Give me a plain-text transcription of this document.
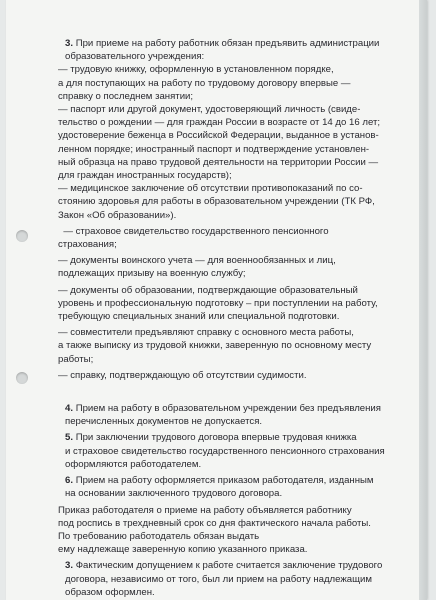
3. При приеме на работу работник обязан предъявить администрации
образовательного учреждения:
— трудовую книжку, оформленную в установленном порядке,
а для поступающих на работу по трудовому договору впервые —
справку о последнем занятии;
— паспорт или другой документ, удостоверяющий личность (свиде-
тельство о рождении — для граждан России в возрасте от 14 до 16 лет;
удостоверение беженца в Российской Федерации, выданное в установ-
ленном порядке; иностранный паспорт и подтверждение установлен-
ный образца на право трудовой деятельности на территории России —
для граждан иностранных государств);
— медицинское заключение об отсутствии противопоказаний по со-
стоянию здоровья для работы в образовательном учреждении (ТК РФ,
Закон «Об образовании»).
— страховое свидетельство государственного пенсионного
страхования;
— документы воинского учета — для военнообязанных и лиц,
подлежащих призыву на военную службу;
— документы об образовании, подтверждающие образовательный
уровень и профессиональную подготовку – при поступлении на работу,
требующую специальных знаний или специальной подготовки.
— совместители предъявляют справку с основного места работы,
а также выписку из трудовой книжки, заверенную по основному месту
работы;
— справку, подтверждающую об отсутствии судимости.
4. Прием на работу в образовательном учреждении без предъявления
перечисленных документов не допускается.
5. При заключении трудового договора впервые трудовая книжка
и страховое свидетельство государственного пенсионного страхования
оформляются работодателем.
6. Прием на работу оформляется приказом работодателя, изданным
на основании заключенного трудового договора.
Приказ работодателя о приеме на работу объявляется работнику
под роспись в трехдневный срок со дня фактического начала работы.
По требованию работодатель обязан выдать
ему надлежаще заверенную копию указанного приказа.
3. Фактическим допущением к работе считается заключение трудового
договора, независимо от того, был ли прием на работу надлежащим
образом оформлен.
